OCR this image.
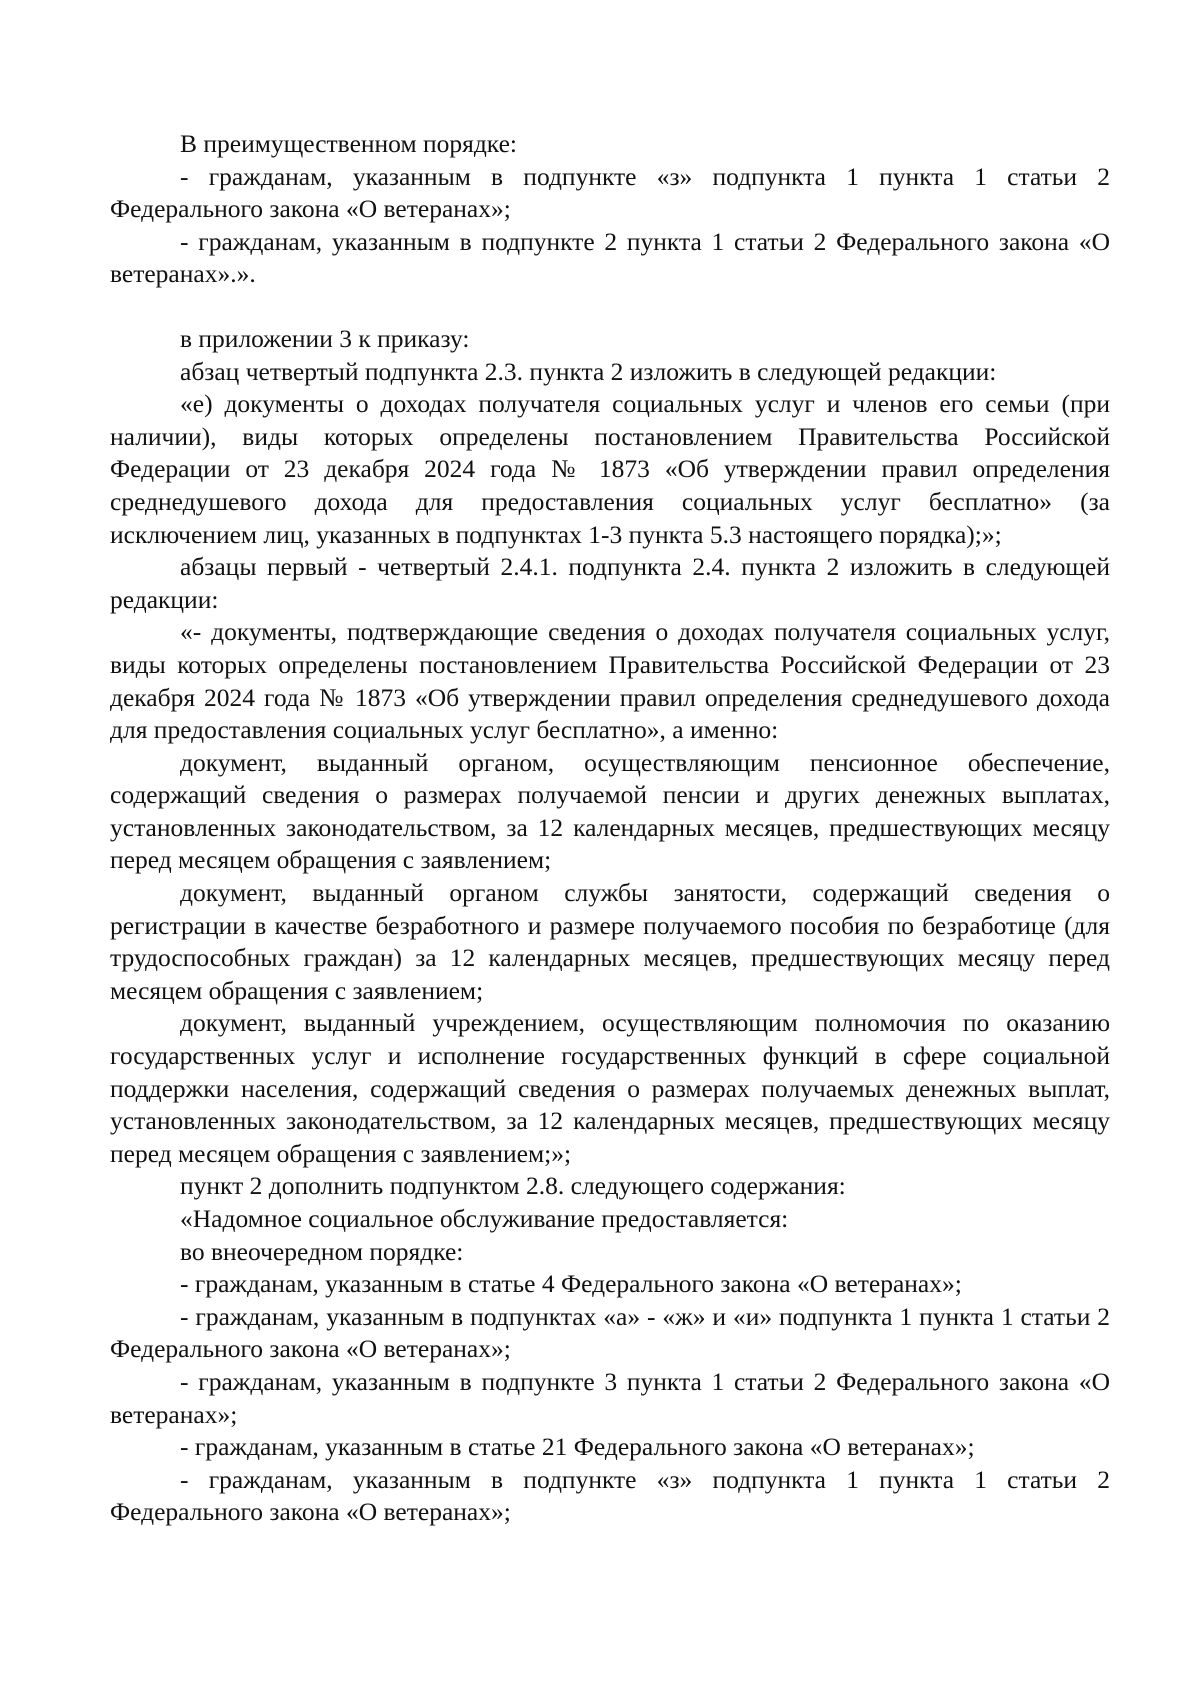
В преимущественном порядке:

- гражданам, указанным в подпункте «з» подпункта 1 пункта 1 статьи 2 Федерального закона «О ветеранах»;

- гражданам, указанным в подпункте 2 пункта 1 статьи 2 Федерального закона «О ветеранах».».

в приложении 3 к приказу:

абзац четвертый подпункта 2.3. пункта 2 изложить в следующей редакции:

«е) документы о доходах получателя социальных услуг и членов его семьи (при наличии), виды которых определены постановлением Правительства Российской Федерации от 23 декабря 2024 года № 1873 «Об утверждении правил определения среднедушевого дохода для предоставления социальных услуг бесплатно» (за исключением лиц, указанных в подпунктах 1-3 пункта 5.3 настоящего порядка);»;

абзацы первый - четвертый 2.4.1. подпункта 2.4. пункта 2 изложить в следующей редакции:

«- документы, подтверждающие сведения о доходах получателя социальных услуг, виды которых определены постановлением Правительства Российской Федерации от 23 декабря 2024 года № 1873 «Об утверждении правил определения среднедушевого дохода для предоставления социальных услуг бесплатно», а именно:

документ, выданный органом, осуществляющим пенсионное обеспечение, содержащий сведения о размерах получаемой пенсии и других денежных выплатах, установленных законодательством, за 12 календарных месяцев, предшествующих месяцу перед месяцем обращения с заявлением;

документ, выданный органом службы занятости, содержащий сведения о регистрации в качестве безработного и размере получаемого пособия по безработице (для трудоспособных граждан) за 12 календарных месяцев, предшествующих месяцу перед месяцем обращения с заявлением;

документ, выданный учреждением, осуществляющим полномочия по оказанию государственных услуг и исполнение государственных функций в сфере социальной поддержки населения, содержащий сведения о размерах получаемых денежных выплат, установленных законодательством, за 12 календарных месяцев, предшествующих месяцу перед месяцем обращения с заявлением;»;

пункт 2 дополнить подпунктом 2.8. следующего содержания:

«Надомное социальное обслуживание предоставляется:

во внеочередном порядке:

- гражданам, указанным в статье 4 Федерального закона «О ветеранах»;

- гражданам, указанным в подпунктах «а» - «ж» и «и» подпункта 1 пункта 1 статьи 2 Федерального закона «О ветеранах»;

- гражданам, указанным в подпункте 3 пункта 1 статьи 2 Федерального закона «О ветеранах»;

- гражданам, указанным в статье 21 Федерального закона «О ветеранах»;

- гражданам, указанным в подпункте «з» подпункта 1 пункта 1 статьи 2 Федерального закона «О ветеранах»;
